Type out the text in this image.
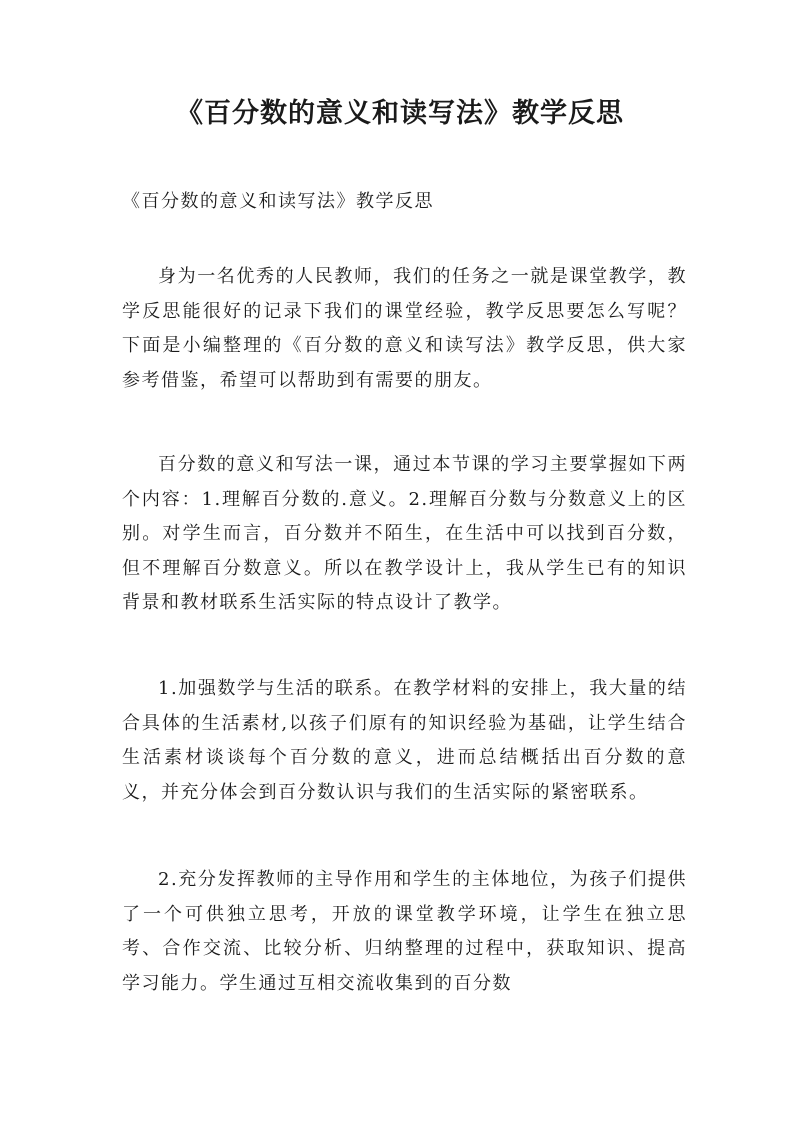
《百分数的意义和读写法》教学反思
《百分数的意义和读写法》教学反思

身为一名优秀的人民教师，我们的任务之一就是课堂教学，教学反思能很好的记录下我们的课堂经验，教学反思要怎么写呢？下面是小编整理的《百分数的意义和读写法》教学反思，供大家参考借鉴，希望可以帮助到有需要的朋友。

百分数的意义和写法一课，通过本节课的学习主要掌握如下两个内容：1.理解百分数的.意义。2.理解百分数与分数意义上的区别。对学生而言，百分数并不陌生，在生活中可以找到百分数，但不理解百分数意义。所以在教学设计上，我从学生已有的知识背景和教材联系生活实际的特点设计了教学。

1.加强数学与生活的联系。在教学材料的安排上，我大量的结合具体的生活素材,以孩子们原有的知识经验为基础，让学生结合生活素材谈谈每个百分数的意义，进而总结概括出百分数的意义，并充分体会到百分数认识与我们的生活实际的紧密联系。

2.充分发挥教师的主导作用和学生的主体地位，为孩子们提供了一个可供独立思考，开放的课堂教学环境，让学生在独立思考、合作交流、比较分析、归纳整理的过程中，获取知识、提高学习能力。学生通过互相交流收集到的百分数
